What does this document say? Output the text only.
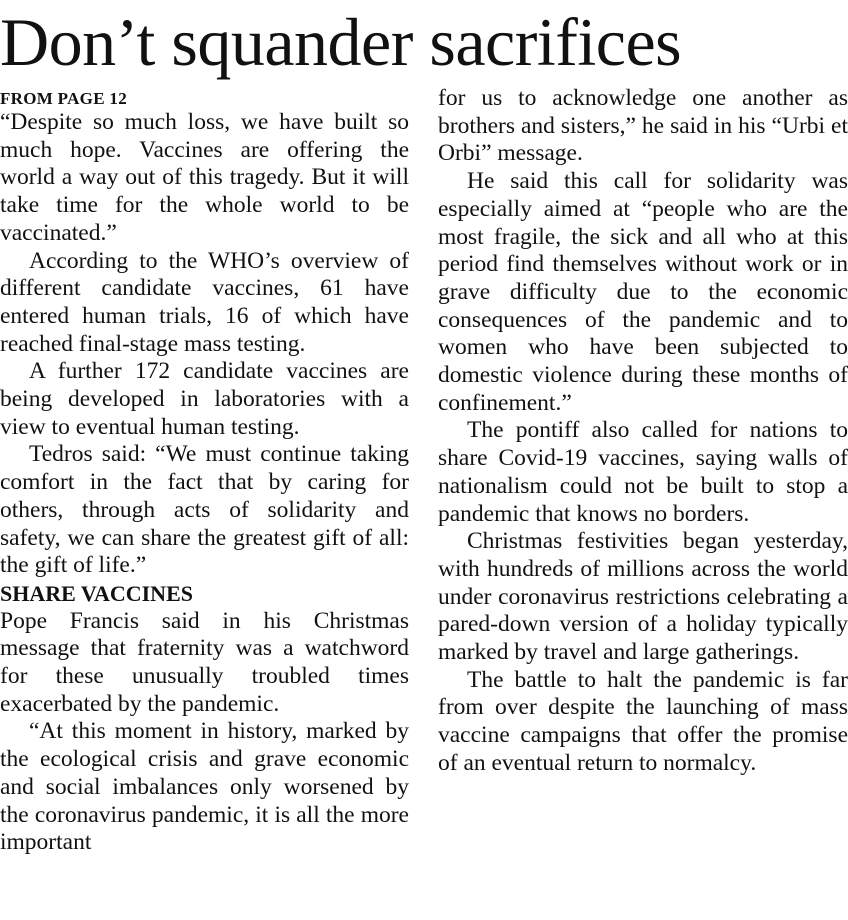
Don’t squander sacrifices

FROM PAGE 12

“Despite so much loss, we have built so much hope. Vaccines are offering the world a way out of this tragedy. But it will take time for the whole world to be vaccinated.”

According to the WHO’s overview of different candidate vaccines, 61 have entered human trials, 16 of which have reached final-stage mass testing.

A further 172 candidate vaccines are being developed in laboratories with a view to eventual human testing.

Tedros said: “We must continue taking comfort in the fact that by caring for others, through acts of solidarity and safety, we can share the greatest gift of all: the gift of life.”

SHARE VACCINES

Pope Francis said in his Christmas message that fraternity was a watchword for these unusually troubled times exacerbated by the pandemic.

“At this moment in history, marked by the ecological crisis and grave economic and social imbalances only worsened by the coronavirus pandemic, it is all the more important

for us to acknowledge one another as brothers and sisters,” he said in his “Urbi et Orbi” message.

He said this call for solidarity was especially aimed at “people who are the most fragile, the sick and all who at this period find themselves without work or in grave difficulty due to the economic consequences of the pandemic and to women who have been subjected to domestic violence during these months of confinement.”

The pontiff also called for nations to share Covid-19 vaccines, saying walls of nationalism could not be built to stop a pandemic that knows no borders.

Christmas festivities began yesterday, with hundreds of millions across the world under coronavirus restrictions celebrating a pared-down version of a holiday typically marked by travel and large gatherings.

The battle to halt the pandemic is far from over despite the launching of mass vaccine campaigns that offer the promise of an eventual return to normalcy.
